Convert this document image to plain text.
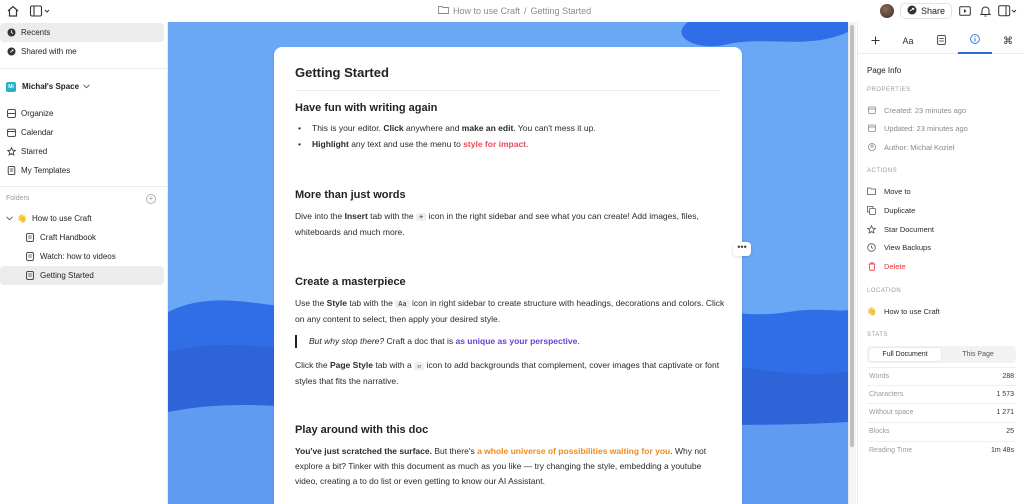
How to use Craft / Getting Started	Share
Recents
Shared with me
Mi Michał's Space
Organize
Calendar
Starred
My Templates
Folders	+
👋 How to use Craft
Craft Handbook
Watch: how to videos
Getting Started
Getting Started
Have fun with writing again
• This is your editor. Click anywhere and make an edit. You can't mess it up.
• Highlight any text and use the menu to style for impact.
More than just words
Dive into the Insert tab with the + icon in the right sidebar and see what you can create! Add images, files, whiteboards and much more.
Create a masterpiece
Use the Style tab with the Aa icon in right sidebar to create structure with headings, decorations and colors. Click on any content to select, then apply your desired style.
But why stop there? Craft a doc that is as unique as your perspective.
Click the Page Style tab with a ▫ icon to add backgrounds that complement, cover images that captivate or font styles that fits the narrative.
Play around with this doc
You've just scratched the surface. But there's a whole universe of possibilities waiting for you. Why not explore a bit? Tinker with this document as much as you like — try changing the style, embedding a youtube video, creating a to do list or even getting to know our AI Assistant.
•••
Aa	⌘
Page Info
PROPERTIES
Created: 23 minutes ago
Updated: 23 minutes ago
Author: Michał Kozieł
ACTIONS
Move to
Duplicate
Star Document
View Backups
Delete
LOCATION
👋 How to use Craft
STATS
Full Document	This Page
Words	288
Characters	1 573
Without space	1 271
Blocks	25
Reading Time	1m 48s
